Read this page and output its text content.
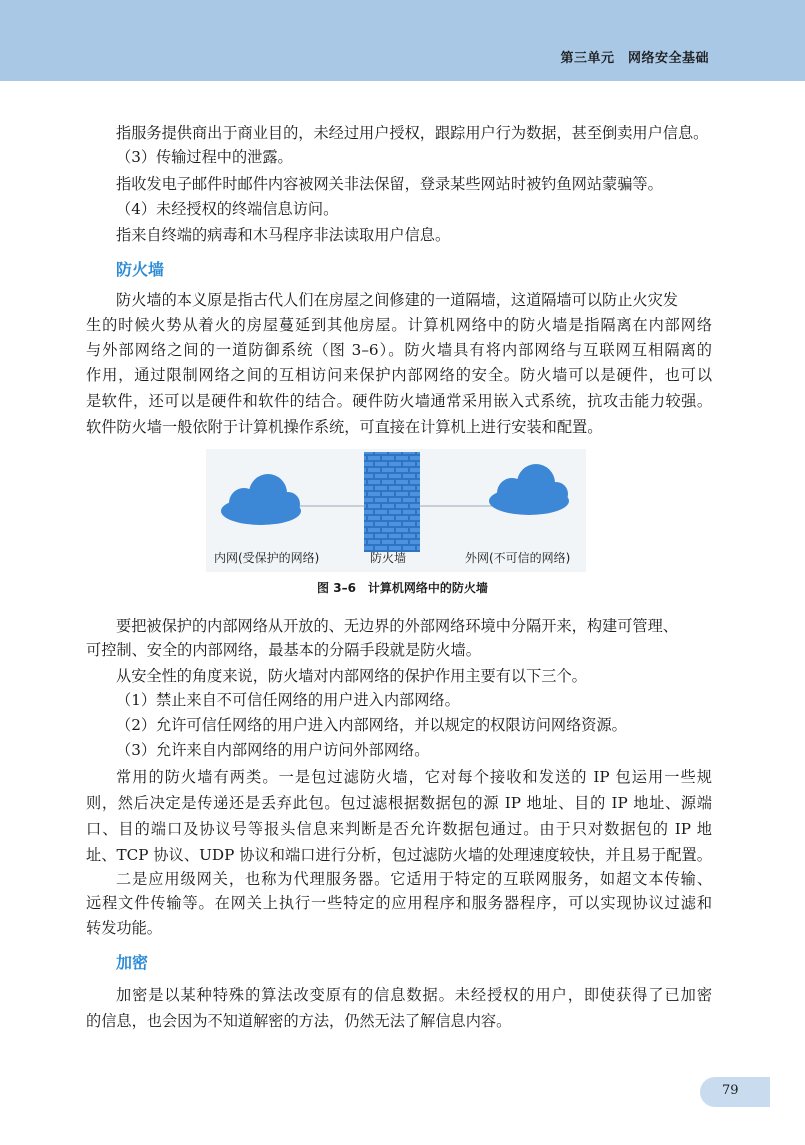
第三单元　 网络安全基础
指服务提供商出于商业目的，未经过用户授权，跟踪用户行为数据，甚至倒卖用户信息。
（3）传输过程中的泄露。
指收发电子邮件时邮件内容被网关非法保留，登录某些网站时被钓鱼网站蒙骗等。
（4）未经授权的终端信息访问。
指来自终端的病毒和木马程序非法读取用户信息。
防火墙
防火墙的本义原是指古代人们在房屋之间修建的一道隔墙，这道隔墙可以防止火灾发
生的时候火势从着火的房屋蔓延到其他房屋。计算机网络中的防火墙是指隔离在内部网络
与外部网络之间的一道防御系统（图 3–6）。防火墙具有将内部网络与互联网互相隔离的
作用，通过限制网络之间的互相访问来保护内部网络的安全。防火墙可以是硬件，也可以
是软件，还可以是硬件和软件的结合。硬件防火墙通常采用嵌入式系统，抗攻击能力较强。
软件防火墙一般依附于计算机操作系统，可直接在计算机上进行安装和配置。
内网(受保护的网络)	防火墙	外网(不可信的网络)
图 3–6　计算机网络中的防火墙
要把被保护的内部网络从开放的、无边界的外部网络环境中分隔开来，构建可管理、
可控制、安全的内部网络，最基本的分隔手段就是防火墙。
从安全性的角度来说，防火墙对内部网络的保护作用主要有以下三个。
（1）禁止来自不可信任网络的用户进入内部网络。
（2）允许可信任网络的用户进入内部网络，并以规定的权限访问网络资源。
（3）允许来自内部网络的用户访问外部网络。
常用的防火墙有两类。一是包过滤防火墙，它对每个接收和发送的 IP 包运用一些规
则，然后决定是传递还是丢弃此包。包过滤根据数据包的源 IP 地址、目的 IP 地址、源端
口、目的端口及协议号等报头信息来判断是否允许数据包通过。由于只对数据包的 IP 地
址、TCP 协议、UDP 协议和端口进行分析，包过滤防火墙的处理速度较快，并且易于配置。
二是应用级网关，也称为代理服务器。它适用于特定的互联网服务，如超文本传输、
远程文件传输等。在网关上执行一些特定的应用程序和服务器程序，可以实现协议过滤和
转发功能。
加密
加密是以某种特殊的算法改变原有的信息数据。未经授权的用户，即使获得了已加密
的信息，也会因为不知道解密的方法，仍然无法了解信息内容。
79
